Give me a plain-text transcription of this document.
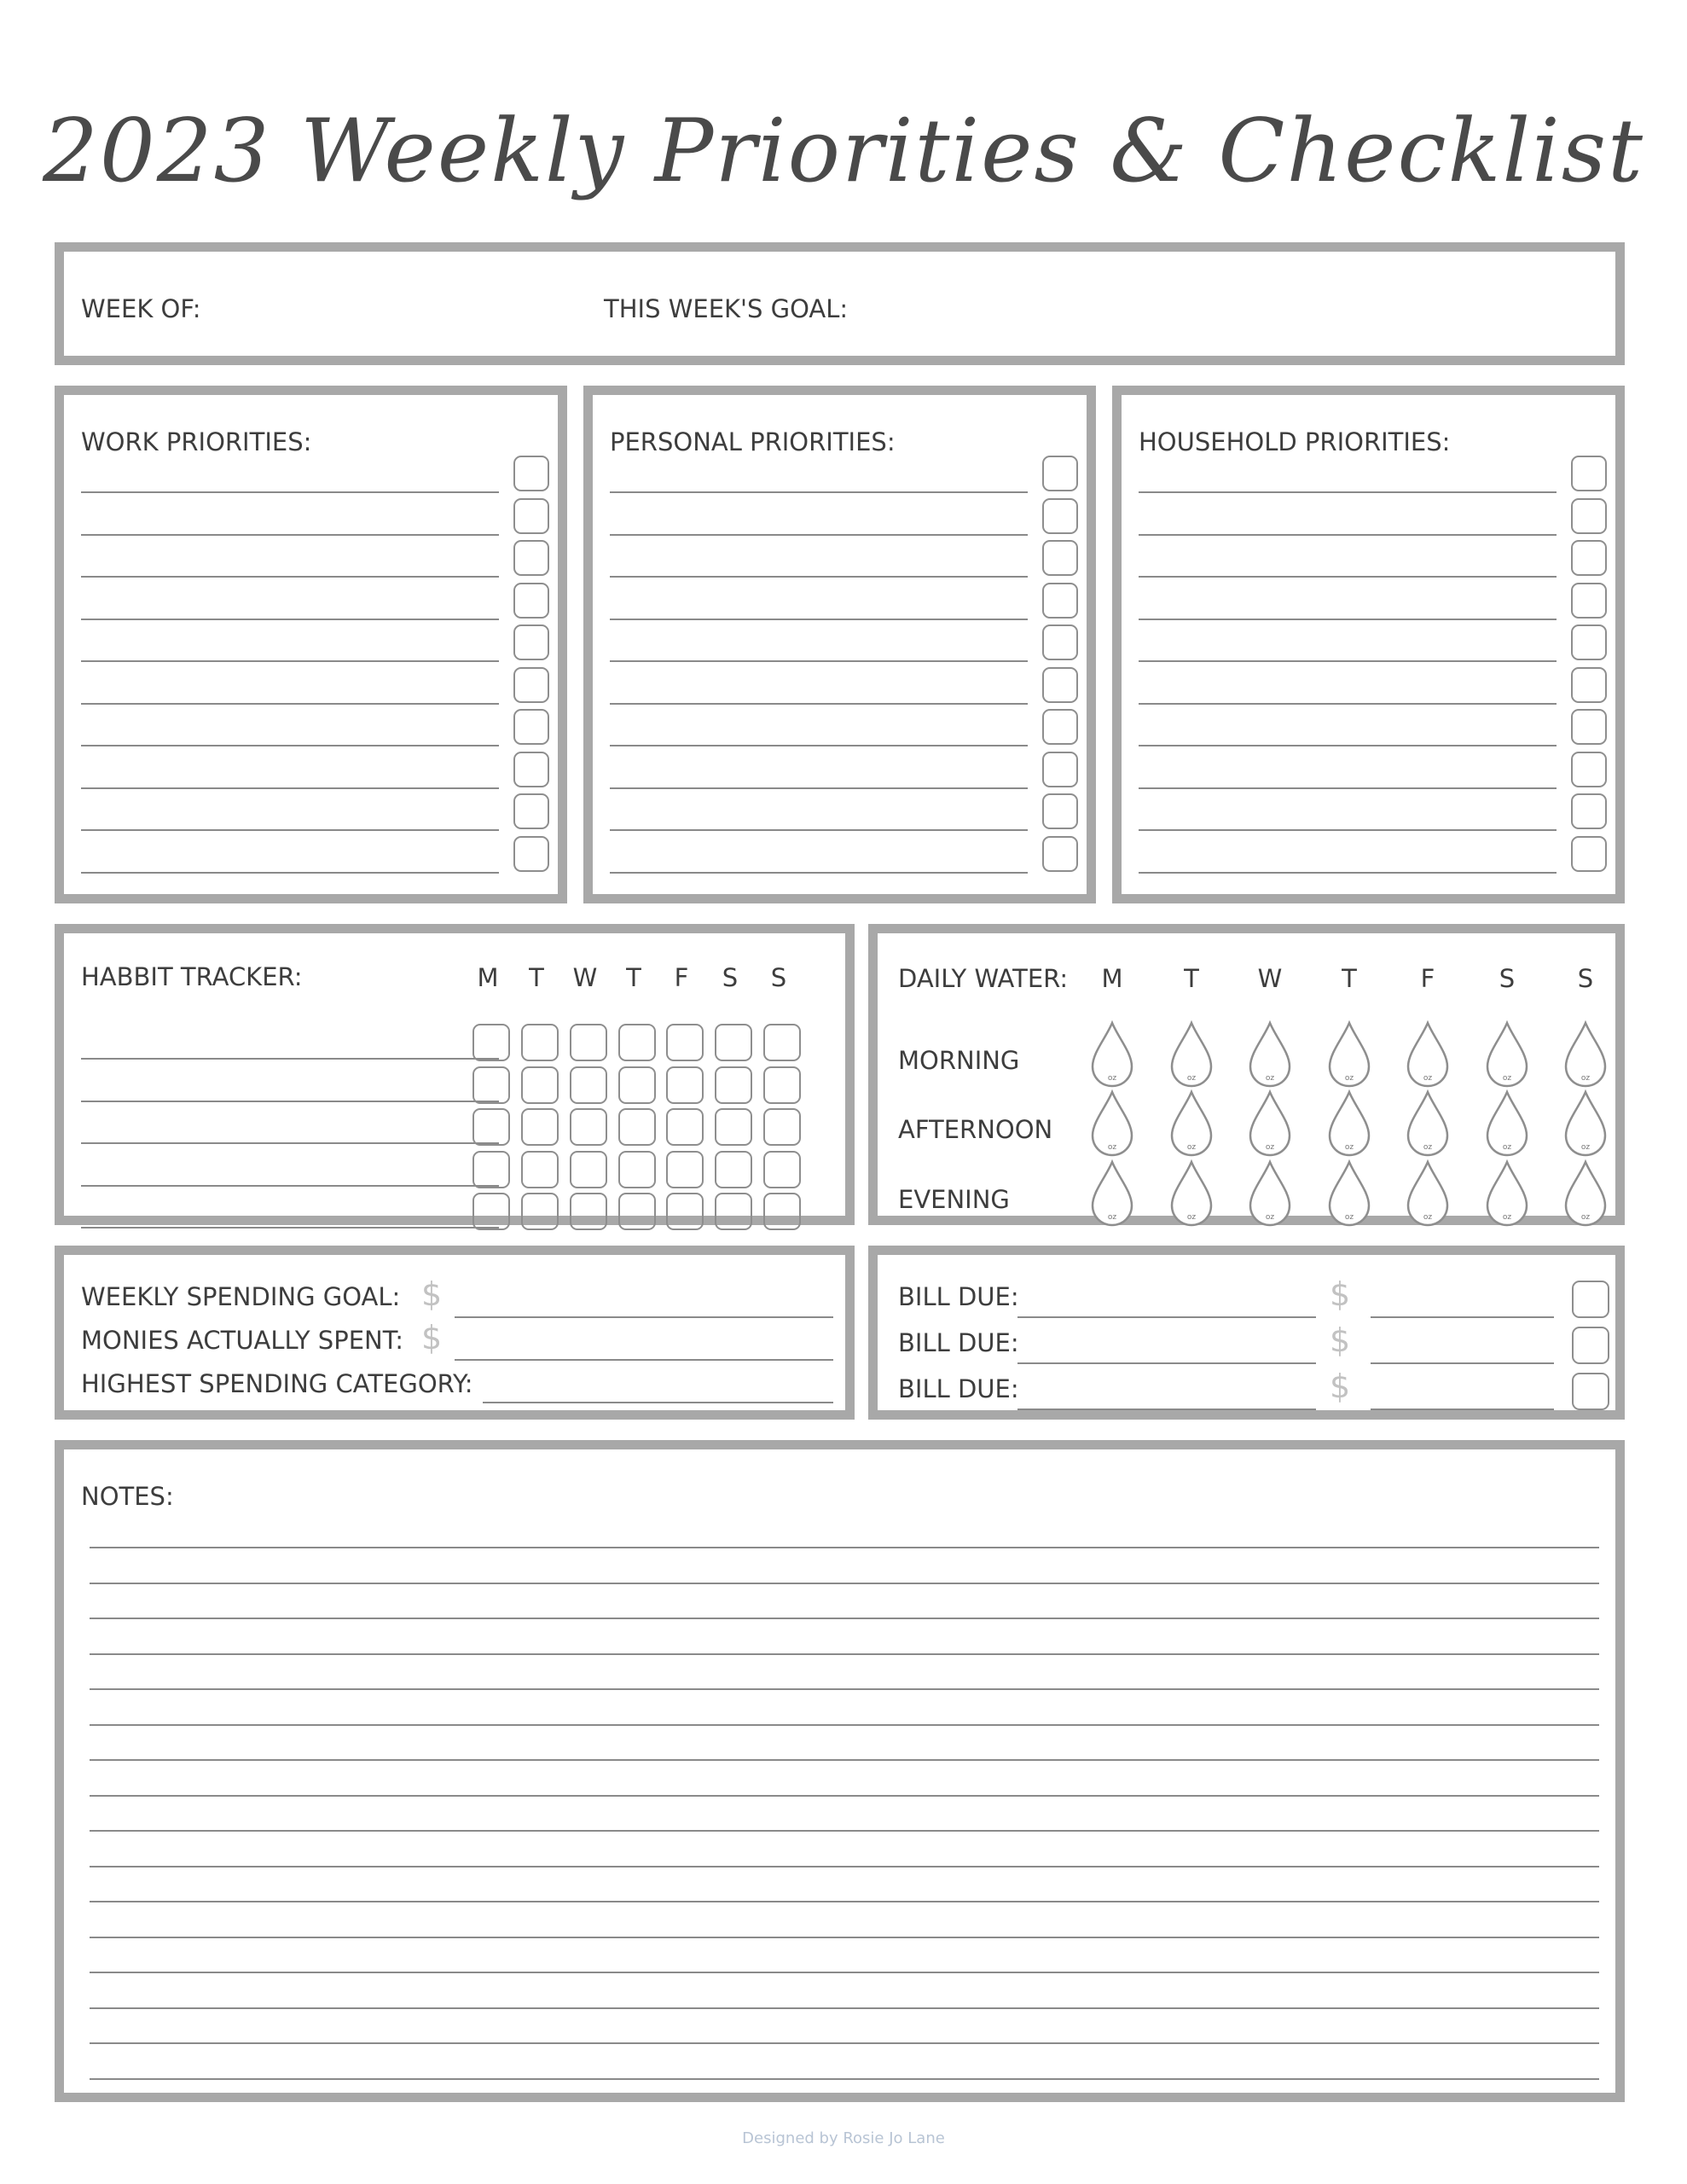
2023 Weekly Priorities & Checklist
WEEK OF:	THIS WEEK'S GOAL:
WORK PRIORITIES:	PERSONAL PRIORITIES:	HOUSEHOLD PRIORITIES:
HABBIT TRACKER:	M T W T F S S	DAILY WATER: M T W T	F	S	S
MORNING
oz	oz	oz	oz	oz	oz	oz
AFTERNOON
oz	oz	oz	oz	oz	oz	oz
EVENING
oz	oz	oz	oz	oz	oz	oz
WEEKLY SPENDING GOAL: $
MONIES ACTUALLY SPENT: $
HIGHEST SPENDING CATEGORY:
BILL DUE:	$
BILL DUE:	$
BILL DUE:	$
NOTES:
Designed by Rosie Jo Lane
